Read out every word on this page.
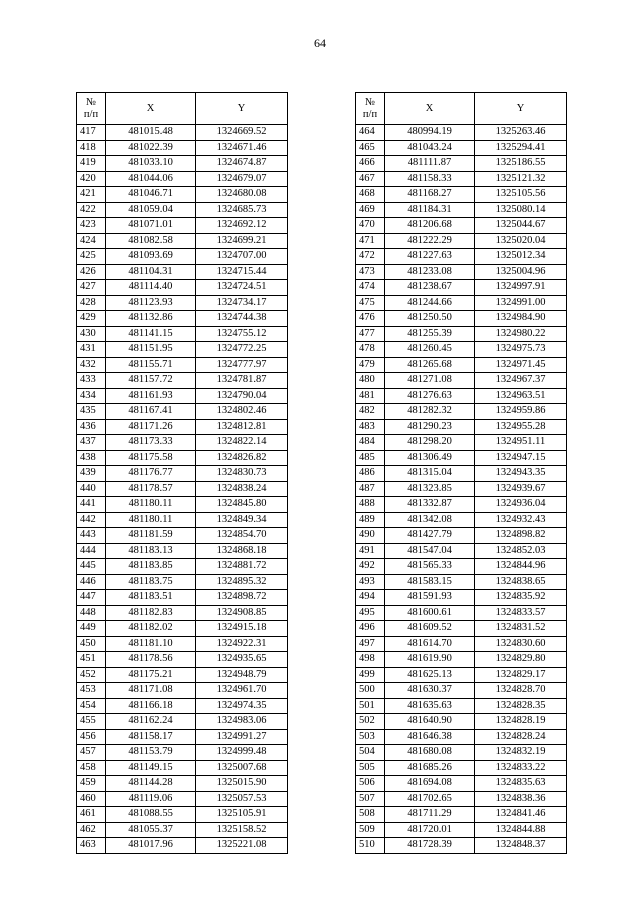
64
№
п/п	X	Y
417	481015.48	1324669.52
418	481022.39	1324671.46
419	481033.10	1324674.87
420	481044.06	1324679.07
421	481046.71	1324680.08
422	481059.04	1324685.73
423	481071.01	1324692.12
424	481082.58	1324699.21
425	481093.69	1324707.00
426	481104.31	1324715.44
427	481114.40	1324724.51
428	481123.93	1324734.17
429	481132.86	1324744.38
430	481141.15	1324755.12
431	481151.95	1324772.25
432	481155.71	1324777.97
433	481157.72	1324781.87
434	481161.93	1324790.04
435	481167.41	1324802.46
436	481171.26	1324812.81
437	481173.33	1324822.14
438	481175.58	1324826.82
439	481176.77	1324830.73
440	481178.57	1324838.24
441	481180.11	1324845.80
442	481180.11	1324849.34
443	481181.59	1324854.70
444	481183.13	1324868.18
445	481183.85	1324881.72
446	481183.75	1324895.32
447	481183.51	1324898.72
448	481182.83	1324908.85
449	481182.02	1324915.18
450	481181.10	1324922.31
451	481178.56	1324935.65
452	481175.21	1324948.79
453	481171.08	1324961.70
454	481166.18	1324974.35
455	481162.24	1324983.06
456	481158.17	1324991.27
457	481153.79	1324999.48
458	481149.15	1325007.68
459	481144.28	1325015.90
460	481119.06	1325057.53
461	481088.55	1325105.91
462	481055.37	1325158.52
463	481017.96	1325221.08
№
п/п	X	Y
464	480994.19	1325263.46
465	481043.24	1325294.41
466	481111.87	1325186.55
467	481158.33	1325121.32
468	481168.27	1325105.56
469	481184.31	1325080.14
470	481206.68	1325044.67
471	481222.29	1325020.04
472	481227.63	1325012.34
473	481233.08	1325004.96
474	481238.67	1324997.91
475	481244.66	1324991.00
476	481250.50	1324984.90
477	481255.39	1324980.22
478	481260.45	1324975.73
479	481265.68	1324971.45
480	481271.08	1324967.37
481	481276.63	1324963.51
482	481282.32	1324959.86
483	481290.23	1324955.28
484	481298.20	1324951.11
485	481306.49	1324947.15
486	481315.04	1324943.35
487	481323.85	1324939.67
488	481332.87	1324936.04
489	481342.08	1324932.43
490	481427.79	1324898.82
491	481547.04	1324852.03
492	481565.33	1324844.96
493	481583.15	1324838.65
494	481591.93	1324835.92
495	481600.61	1324833.57
496	481609.52	1324831.52
497	481614.70	1324830.60
498	481619.90	1324829.80
499	481625.13	1324829.17
500	481630.37	1324828.70
501	481635.63	1324828.35
502	481640.90	1324828.19
503	481646.38	1324828.24
504	481680.08	1324832.19
505	481685.26	1324833.22
506	481694.08	1324835.63
507	481702.65	1324838.36
508	481711.29	1324841.46
509	481720.01	1324844.88
510	481728.39	1324848.37
